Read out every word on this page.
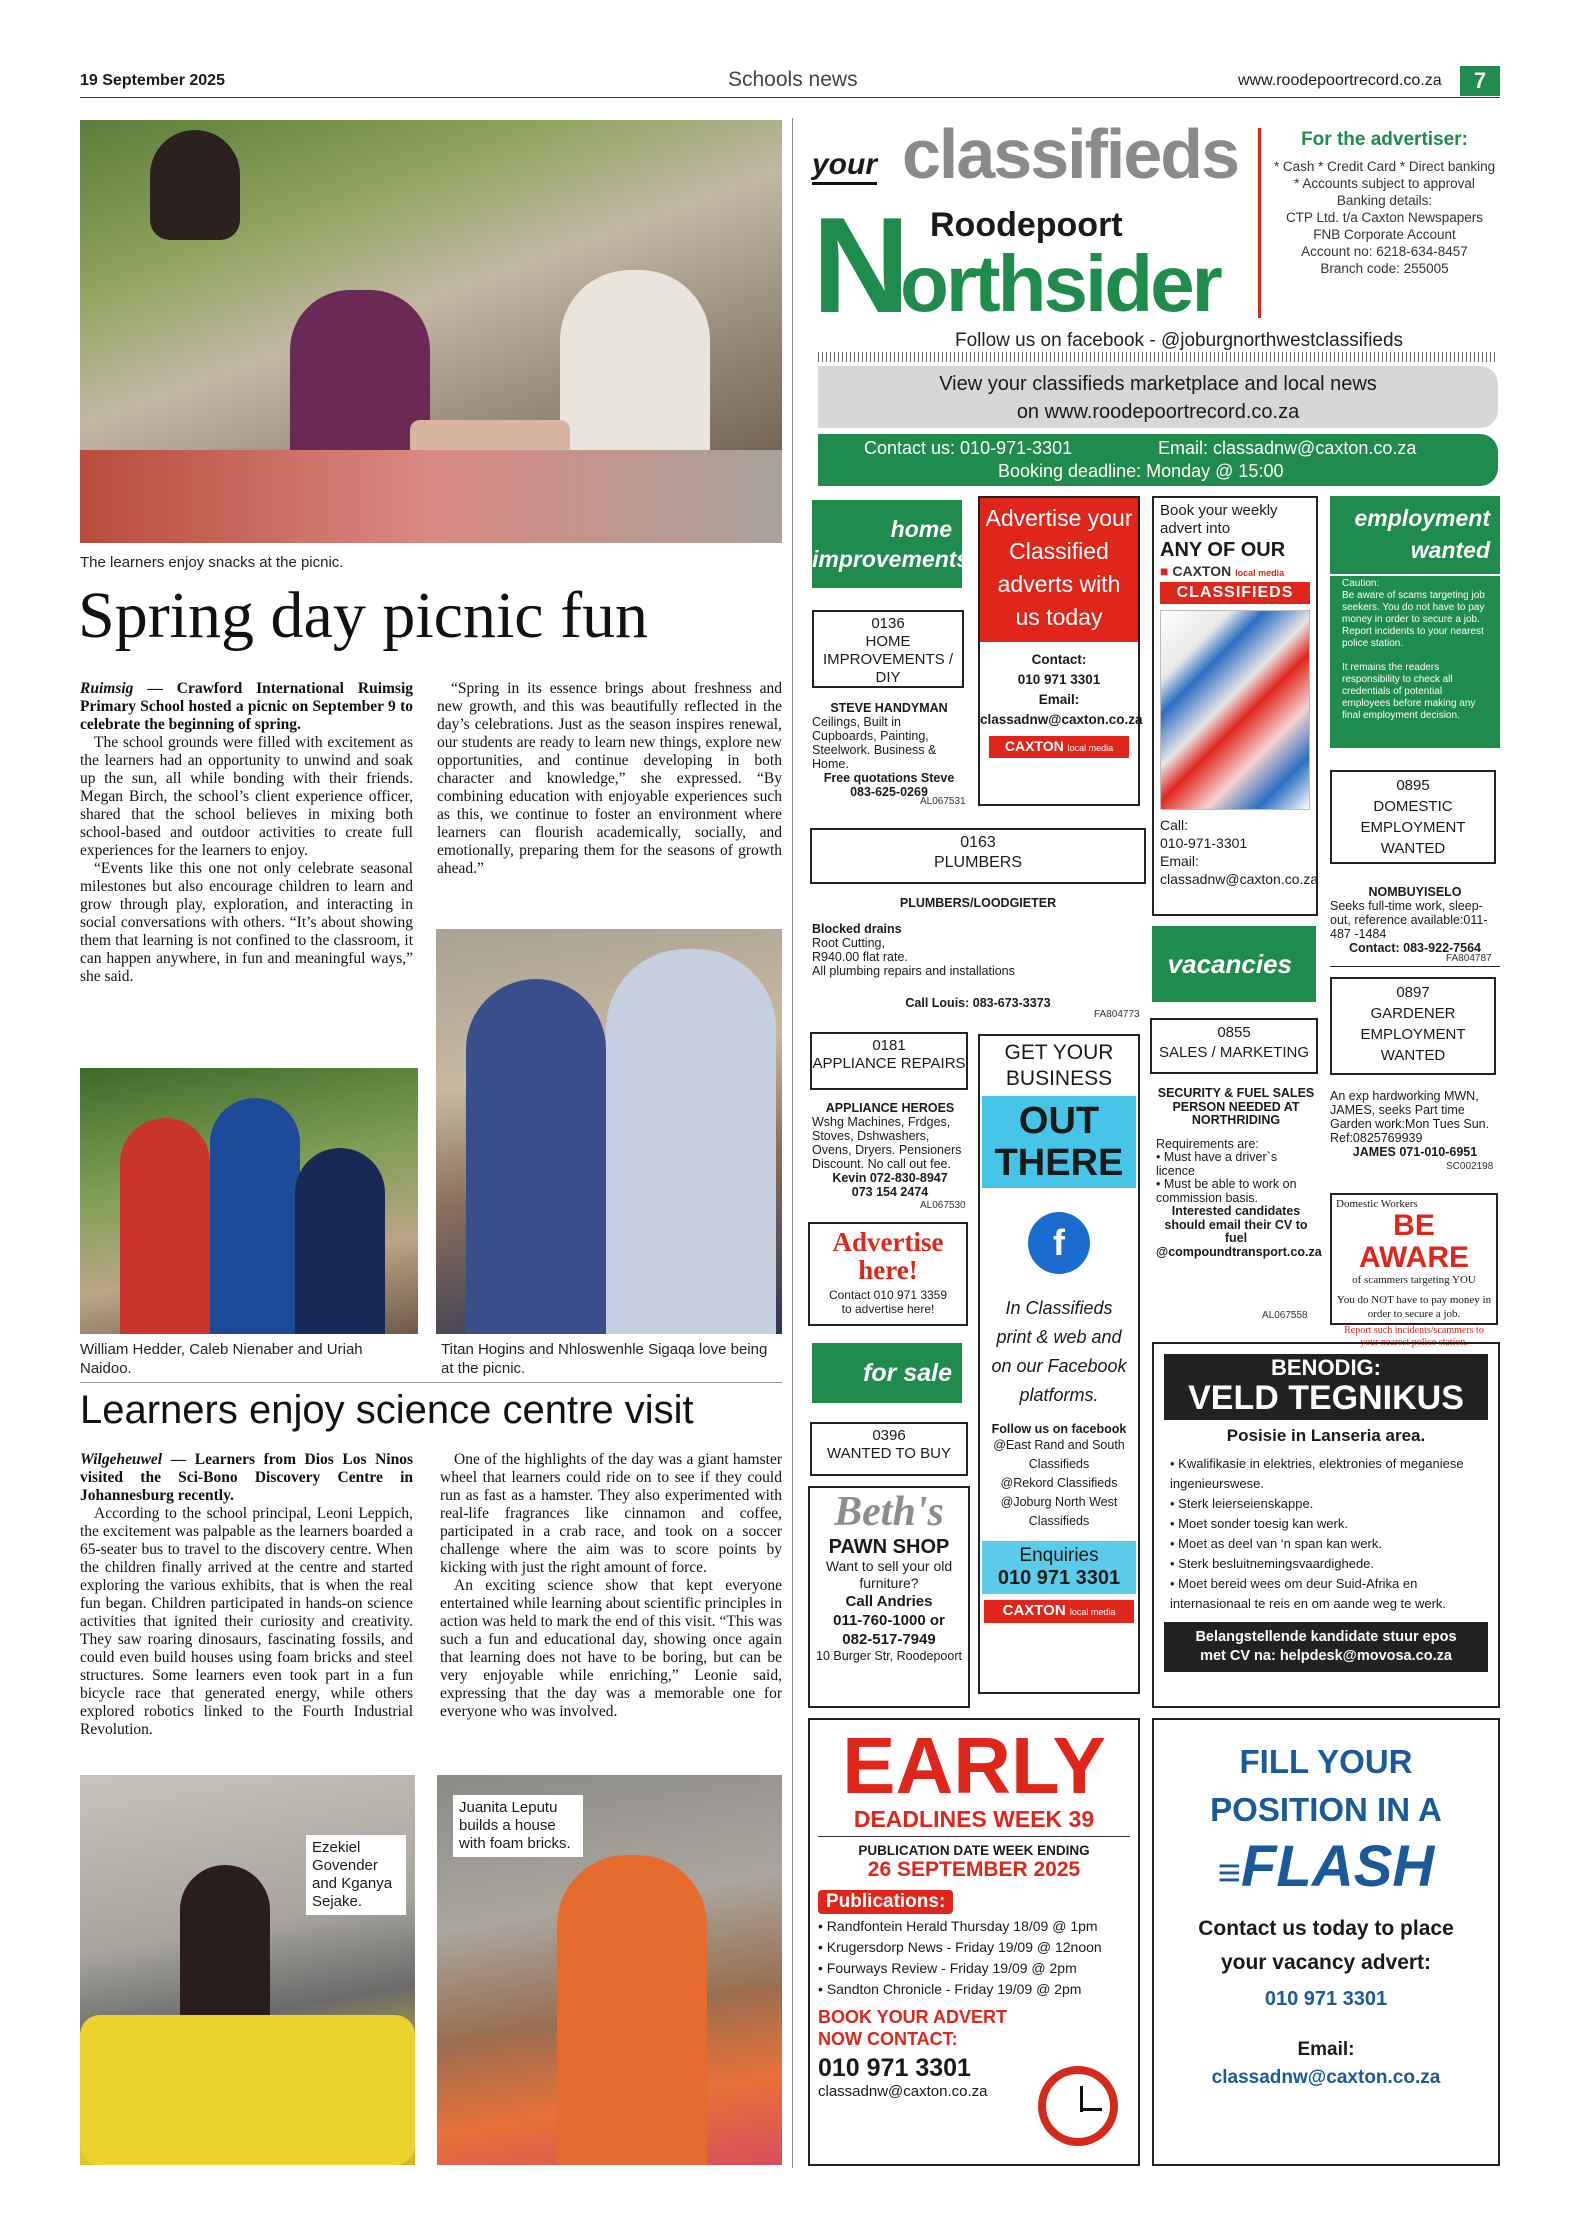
19 September 2025	Schools news	www.roodepoortrecord.co.za	7
The learners enjoy snacks at the picnic.
Spring day picnic fun

Ruimsig — Crawford International Ruimsig Primary School hosted a picnic on September 9 to celebrate the beginning of spring.

The school grounds were filled with excitement as the learners had an opportunity to unwind and soak up the sun, all while bonding with their friends. Megan Birch, the school’s client experience officer, shared that the school believes in mixing both school-based and outdoor activities to create full experiences for the learners to enjoy.

“Events like this one not only celebrate seasonal milestones but also encourage children to learn and grow through play, exploration, and interacting in social conversations with others. “It’s about showing them that learning is not confined to the classroom, it can happen anywhere, in fun and meaningful ways,” she said.

“Spring in its essence brings about freshness and new growth, and this was beautifully reflected in the day’s celebrations. Just as the season inspires renewal, our students are ready to learn new things, explore new opportunities, and continue developing in both character and knowledge,” she expressed. “By combining education with enjoyable experiences such as this, we continue to foster an environment where learners can flourish academically, socially, and emotionally, preparing them for the seasons of growth ahead.”

William Hedder, Caleb Nienaber and Uriah Naidoo.
Titan Hogins and Nhloswenhle Sigaqa love being at the picnic.
Learners enjoy science centre visit

Wilgeheuwel — Learners from Dios Los Ninos visited the Sci-Bono Discovery Centre in Johannesburg recently.

According to the school principal, Leoni Leppich, the excitement was palpable as the learners boarded a 65-seater bus to travel to the discovery centre. When the children finally arrived at the centre and started exploring the various exhibits, that is when the real fun began. Children participated in hands-on science activities that ignited their curiosity and creativity. They saw roaring dinosaurs, fascinating fossils, and could even build houses using foam bricks and steel structures. Some learners even took part in a fun bicycle race that generated energy, while others explored robotics linked to the Fourth Industrial Revolution.

One of the highlights of the day was a giant hamster wheel that learners could ride on to see if they could run as fast as a hamster. They also experimented with real-life fragrances like cinnamon and coffee, participated in a crab race, and took on a soccer challenge where the aim was to score points by kicking with just the right amount of force.

An exciting science show that kept everyone entertained while learning about scientific principles in action was held to mark the end of this visit. “This was such a fun and educational day, showing once again that learning does not have to be boring, but can be very enjoyable while enriching,” Leonie said, expressing that the day was a memorable one for everyone who was involved.

Ezekiel Govender and Kganya Sejake.
Juanita Leputu builds a house with foam bricks.
your classifieds
Roodepoort
N
orthsider
For the advertiser:
* Cash * Credit Card * Direct banking
* Accounts subject to approval
Banking details:
CTP Ltd. t/a Caxton Newspapers
FNB Corporate Account
Account no: 6218-634-8457
Branch code: 255005
Follow us on facebook - @joburgnorthwestclassifieds
View your classifieds marketplace and local news
on www.roodepoortrecord.co.za
Contact us: 010-971-3301	Email: classadnw@caxton.co.za
Booking deadline: Monday @ 15:00
home improvements
0136
HOME IMPROVEMENTS / DIY
STEVE HANDYMAN
Ceilings, Built in Cupboards, Painting, Steelwork. Business & Home.
Free quotations Steve
083-625-0269
AL067531
0163
PLUMBERS
PLUMBERS/LOODGIETER
Blocked drains
Root Cutting,
R940.00 flat rate.
All plumbing repairs and installations
Call Louis: 083-673-3373
FA804773
0181
APPLIANCE REPAIRS
APPLIANCE HEROES
Wshg Machines, Frdges, Stoves, Dshwashers, Ovens, Dryers. Pensioners Discount. No call out fee.
Kevin 072-830-8947
073 154 2474
AL067530
Advertise here!
Contact 010 971 3359
to advertise here!
for sale
0396
WANTED TO BUY
Beth's
PAWN SHOP
Want to sell your old furniture?
Call Andries
011-760-1000 or
082-517-7949
10 Burger Str, Roodepoort
Advertise your Classified adverts with us today
Contact:
010 971 3301
Email:
classadnw@caxton.co.za
CAXTON local media
GET YOUR BUSINESS
OUT THERE
f
In Classifieds print & web and on our Facebook platforms.
Follow us on facebook
@East Rand and South Classifieds
@Rekord Classifieds
@Joburg North West Classifieds
Enquiries
010 971 3301
CAXTON local media
Book your weekly advert into
ANY OF OUR
■ CAXTON local media
CLASSIFIEDS
Call:
010-971-3301
Email:
classadnw@caxton.co.za
vacancies
0855
SALES / MARKETING
SECURITY & FUEL SALES PERSON NEEDED AT NORTHRIDING
Requirements are:
• Must have a driver`s licence
• Must be able to work on commission basis.
Interested candidates should email their CV to fuel @compoundtransport.co.za
AL067558
employment wanted
Caution:
Be aware of scams targeting job seekers. You do not have to pay money in order to secure a job. Report incidents to your nearest police station.

It remains the readers responsibility to check all credentials of potential employees before making any final employment decision.
0895
DOMESTIC EMPLOYMENT WANTED
NOMBUYISELO
Seeks full-time work, sleep-out, reference available:011-487 -1484
Contact: 083-922-7564
FA804787
0897
GARDENER EMPLOYMENT WANTED
An exp hardworking MWN, JAMES, seeks Part time Garden work:Mon Tues Sun. Ref:0825769939
JAMES 071-010-6951
SC002198
Domestic Workers
BE AWARE
of scammers targeting YOU
You do NOT have to pay money in order to secure a job.
Report such incidents/scammers to your nearest police station.
BENODIG:
VELD TEGNIKUS
Posisie in Lanseria area.
• Kwalifikasie in elektries, elektronies of meganiese ingenieurswese.
• Sterk leierseienskappe.
• Moet sonder toesig kan werk.
• Moet as deel van ‘n span kan werk.
• Sterk besluitnemingsvaardighede.
• Moet bereid wees om deur Suid-Afrika en internasionaal te reis en om aande weg te werk.
Belangstellende kandidate stuur epos met CV na: helpdesk@movosa.co.za
EARLY
DEADLINES WEEK 39
PUBLICATION DATE WEEK ENDING
26 SEPTEMBER 2025
Publications:
• Randfontein Herald Thursday 18/09 @ 1pm
• Krugersdorp News - Friday 19/09 @ 12noon
• Fourways Review - Friday 19/09 @ 2pm
• Sandton Chronicle - Friday 19/09 @ 2pm
BOOK YOUR ADVERT NOW CONTACT:
010 971 3301
classadnw@caxton.co.za
FILL YOUR POSITION IN A
≡FLASH
Contact us today to place your vacancy advert:
010 971 3301
Email:
classadnw@caxton.co.za
